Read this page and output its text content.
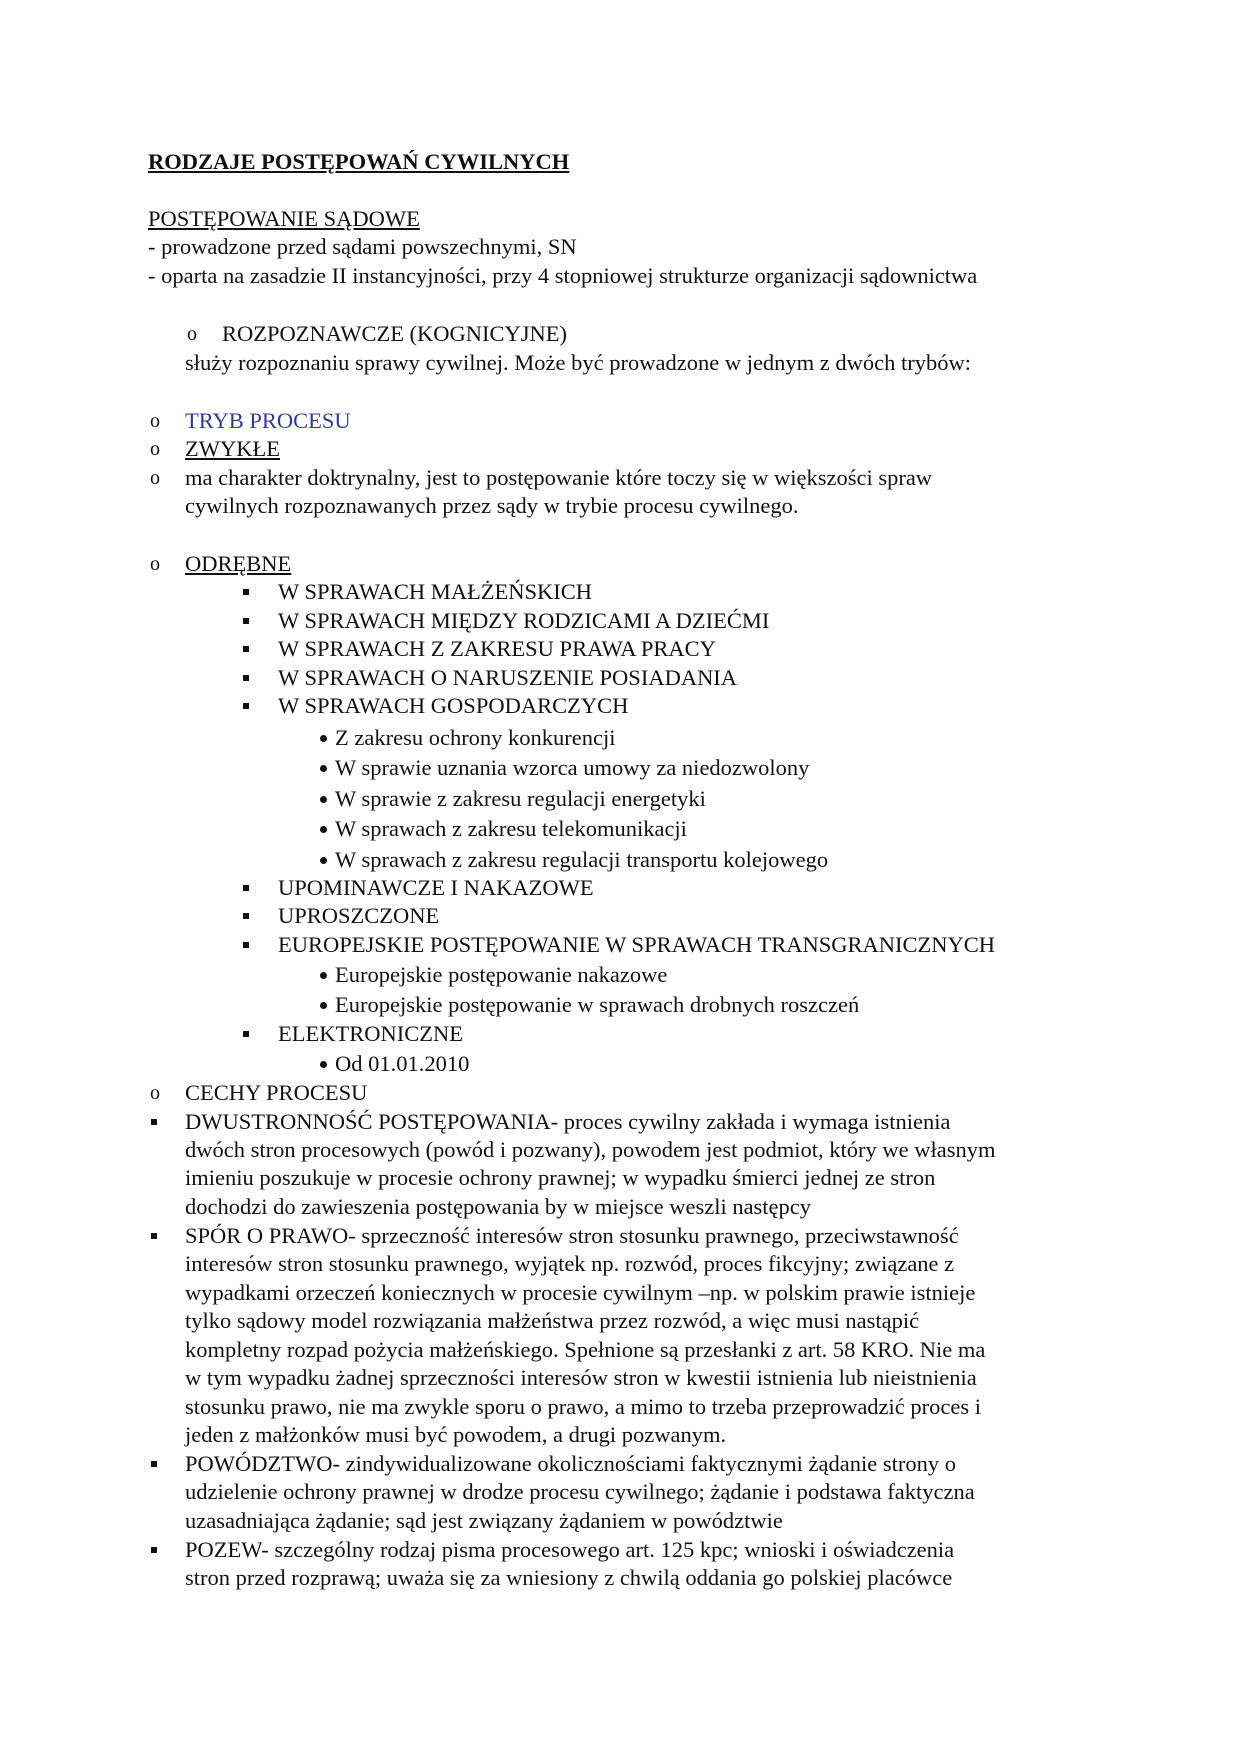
RODZAJE POSTĘPOWAŃ CYWILNYCH
POSTĘPOWANIE SĄDOWE
- prowadzone przed sądami powszechnymi, SN
- oparta na zasadzie II instancyjności, przy 4 stopniowej strukturze organizacji sądownictwa
o ROZPOZNAWCZE (KOGNICYJNE)
służy rozpoznaniu sprawy cywilnej. Może być prowadzone w jednym z dwóch trybów:
o TRYB PROCESU
o ZWYKŁE
o ma charakter doktrynalny, jest to postępowanie które toczy się w większości spraw
cywilnych rozpoznawanych przez sądy w trybie procesu cywilnego.
o ODRĘBNE
W SPRAWACH MAŁŻEŃSKICH
W SPRAWACH MIĘDZY RODZICAMI A DZIEĆMI
W SPRAWACH Z ZAKRESU PRAWA PRACY
W SPRAWACH O NARUSZENIE POSIADANIA
W SPRAWACH GOSPODARCZYCH
Z zakresu ochrony konkurencji
W sprawie uznania wzorca umowy za niedozwolony
W sprawie z zakresu regulacji energetyki
W sprawach z zakresu telekomunikacji
W sprawach z zakresu regulacji transportu kolejowego
UPOMINAWCZE I NAKAZOWE
UPROSZCZONE
EUROPEJSKIE POSTĘPOWANIE W SPRAWACH TRANSGRANICZNYCH
Europejskie postępowanie nakazowe
Europejskie postępowanie w sprawach drobnych roszczeń
ELEKTRONICZNE
Od 01.01.2010
o CECHY PROCESU
DWUSTRONNOŚĆ POSTĘPOWANIA- proces cywilny zakłada i wymaga istnienia
dwóch stron procesowych (powód i pozwany), powodem jest podmiot, który we własnym
imieniu poszukuje w procesie ochrony prawnej; w wypadku śmierci jednej ze stron
dochodzi do zawieszenia postępowania by w miejsce weszli następcy
SPÓR O PRAWO- sprzeczność interesów stron stosunku prawnego, przeciwstawność
interesów stron stosunku prawnego, wyjątek np. rozwód, proces fikcyjny; związane z
wypadkami orzeczeń koniecznych w procesie cywilnym –np. w polskim prawie istnieje
tylko sądowy model rozwiązania małżeństwa przez rozwód, a więc musi nastąpić
kompletny rozpad pożycia małżeńskiego. Spełnione są przesłanki z art. 58 KRO. Nie ma
w tym wypadku żadnej sprzeczności interesów stron w kwestii istnienia lub nieistnienia
stosunku prawo, nie ma zwykle sporu o prawo, a mimo to trzeba przeprowadzić proces i
jeden z małżonków musi być powodem, a drugi pozwanym.
POWÓDZTWO- zindywidualizowane okolicznościami faktycznymi żądanie strony o
udzielenie ochrony prawnej w drodze procesu cywilnego; żądanie i podstawa faktyczna
uzasadniająca żądanie; sąd jest związany żądaniem w powództwie
POZEW- szczególny rodzaj pisma procesowego art. 125 kpc; wnioski i oświadczenia
stron przed rozprawą; uważa się za wniesiony z chwilą oddania go polskiej placówce
